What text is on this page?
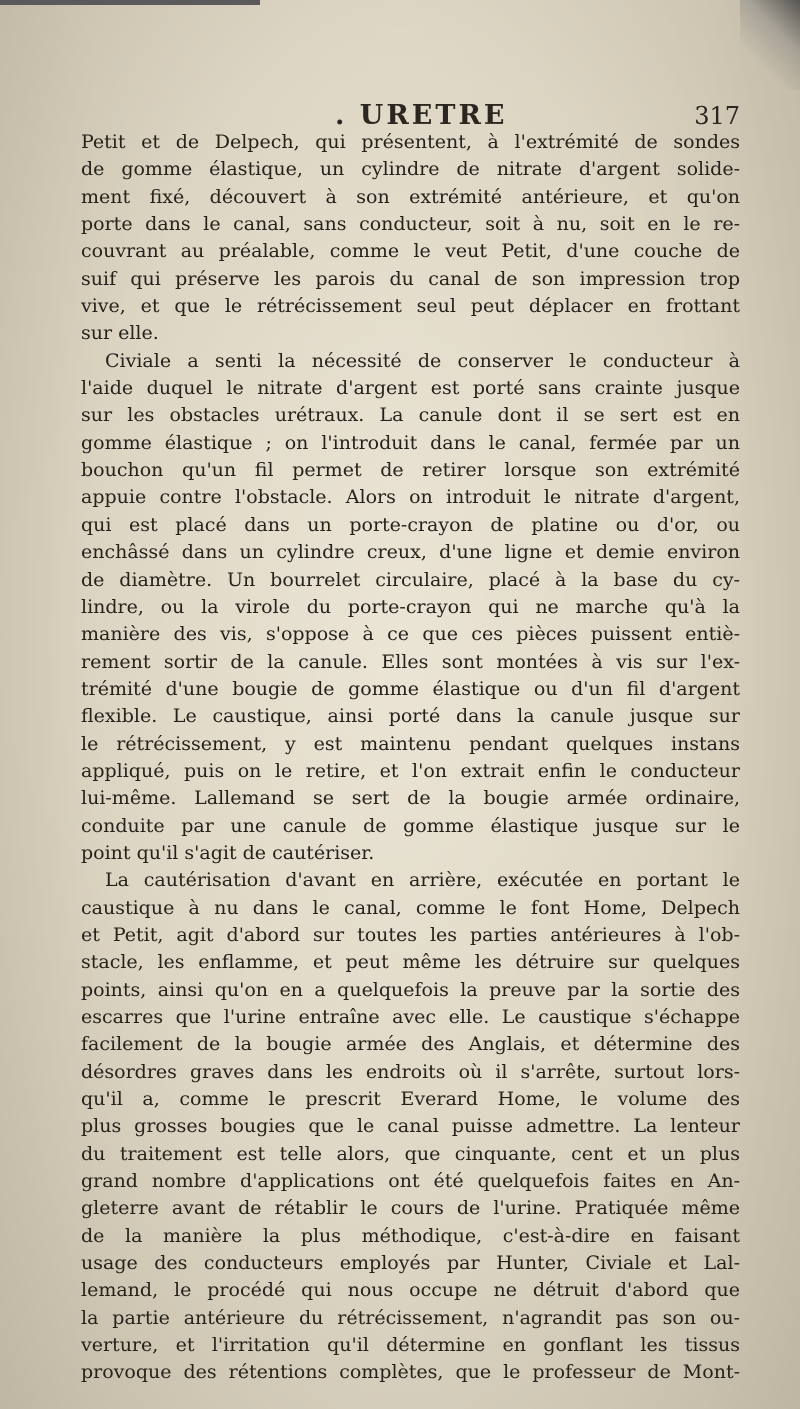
. URETRE	317
Petit et de Delpech, qui présentent, à l'extrémité de sondes
de gomme élastique, un cylindre de nitrate d'argent solide-
ment fixé, découvert à son extrémité antérieure, et qu'on
porte dans le canal, sans conducteur, soit à nu, soit en le re-
couvrant au préalable, comme le veut Petit, d'une couche de
suif qui préserve les parois du canal de son impression trop
vive, et que le rétrécissement seul peut déplacer en frottant
sur elle.
Civiale a senti la nécessité de conserver le conducteur à
l'aide duquel le nitrate d'argent est porté sans crainte jusque
sur les obstacles urétraux. La canule dont il se sert est en
gomme élastique ; on l'introduit dans le canal, fermée par un
bouchon qu'un fil permet de retirer lorsque son extrémité
appuie contre l'obstacle. Alors on introduit le nitrate d'argent,
qui est placé dans un porte-crayon de platine ou d'or, ou
enchâssé dans un cylindre creux, d'une ligne et demie environ
de diamètre. Un bourrelet circulaire, placé à la base du cy-
lindre, ou la virole du porte-crayon qui ne marche qu'à la
manière des vis, s'oppose à ce que ces pièces puissent entiè-
rement sortir de la canule. Elles sont montées à vis sur l'ex-
trémité d'une bougie de gomme élastique ou d'un fil d'argent
flexible. Le caustique, ainsi porté dans la canule jusque sur
le rétrécissement, y est maintenu pendant quelques instans
appliqué, puis on le retire, et l'on extrait enfin le conducteur
lui-même. Lallemand se sert de la bougie armée ordinaire,
conduite par une canule de gomme élastique jusque sur le
point qu'il s'agit de cautériser.
La cautérisation d'avant en arrière, exécutée en portant le
caustique à nu dans le canal, comme le font Home, Delpech
et Petit, agit d'abord sur toutes les parties antérieures à l'ob-
stacle, les enflamme, et peut même les détruire sur quelques
points, ainsi qu'on en a quelquefois la preuve par la sortie des
escarres que l'urine entraîne avec elle. Le caustique s'échappe
facilement de la bougie armée des Anglais, et détermine des
désordres graves dans les endroits où il s'arrête, surtout lors-
qu'il a, comme le prescrit Everard Home, le volume des
plus grosses bougies que le canal puisse admettre. La lenteur
du traitement est telle alors, que cinquante, cent et un plus
grand nombre d'applications ont été quelquefois faites en An-
gleterre avant de rétablir le cours de l'urine. Pratiquée même
de la manière la plus méthodique, c'est-à-dire en faisant
usage des conducteurs employés par Hunter, Civiale et Lal-
lemand, le procédé qui nous occupe ne détruit d'abord que
la partie antérieure du rétrécissement, n'agrandit pas son ou-
verture, et l'irritation qu'il détermine en gonflant les tissus
provoque des rétentions complètes, que le professeur de Mont-
